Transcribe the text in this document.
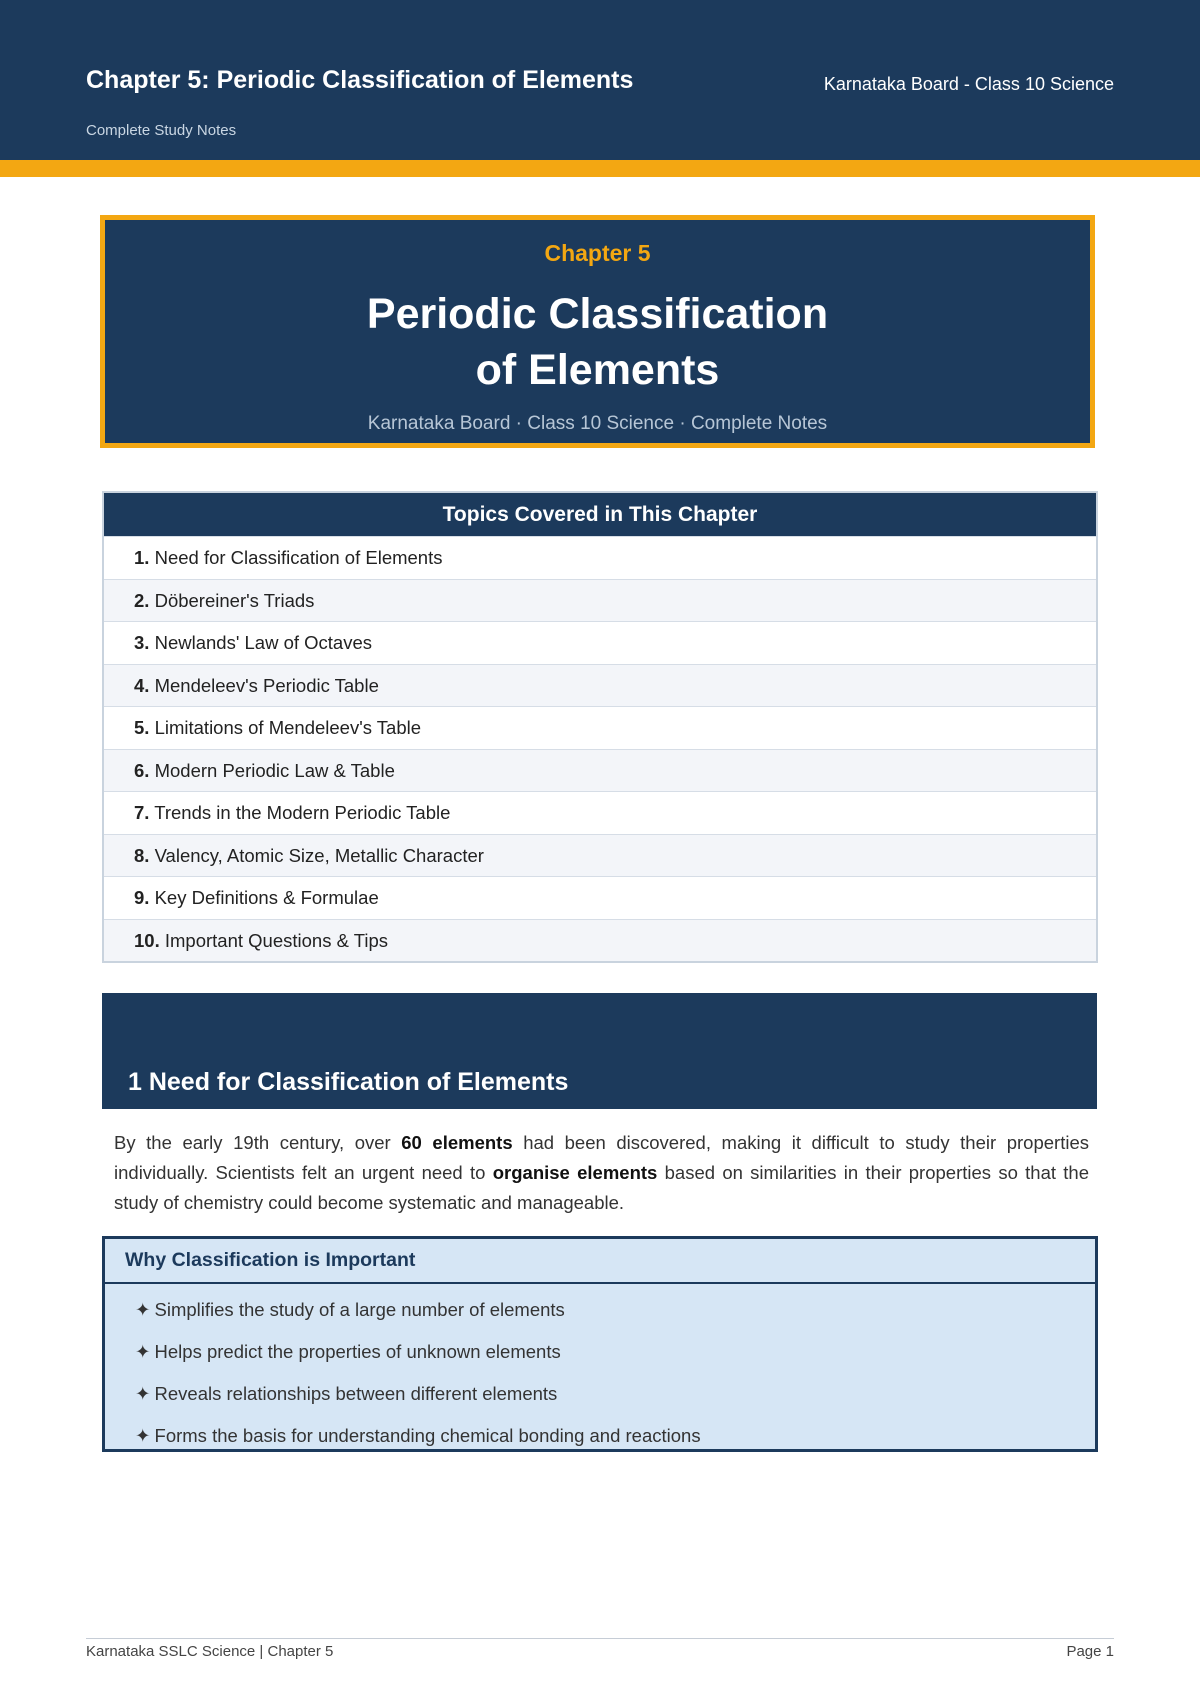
Chapter 5: Periodic Classification of Elements	Karnataka Board - Class 10 Science
Complete Study Notes
Chapter 5
Periodic Classification
of Elements
Karnataka Board · Class 10 Science · Complete Notes
Topics Covered in This Chapter
1. Need for Classification of Elements
2. Döbereiner's Triads
3. Newlands' Law of Octaves
4. Mendeleev's Periodic Table
5. Limitations of Mendeleev's Table
6. Modern Periodic Law & Table
7. Trends in the Modern Periodic Table
8. Valency, Atomic Size, Metallic Character
9. Key Definitions & Formulae
10. Important Questions & Tips
1 Need for Classification of Elements
By the early 19th century, over 60 elements had been discovered, making it difficult to study their properties individually. Scientists felt an urgent need to organise elements based on similarities in their properties so that the study of chemistry could become systematic and manageable.
Why Classification is Important
✦ Simplifies the study of a large number of elements
✦ Helps predict the properties of unknown elements
✦ Reveals relationships between different elements
✦ Forms the basis for understanding chemical bonding and reactions
Karnataka SSLC Science | Chapter 5	Page 1
